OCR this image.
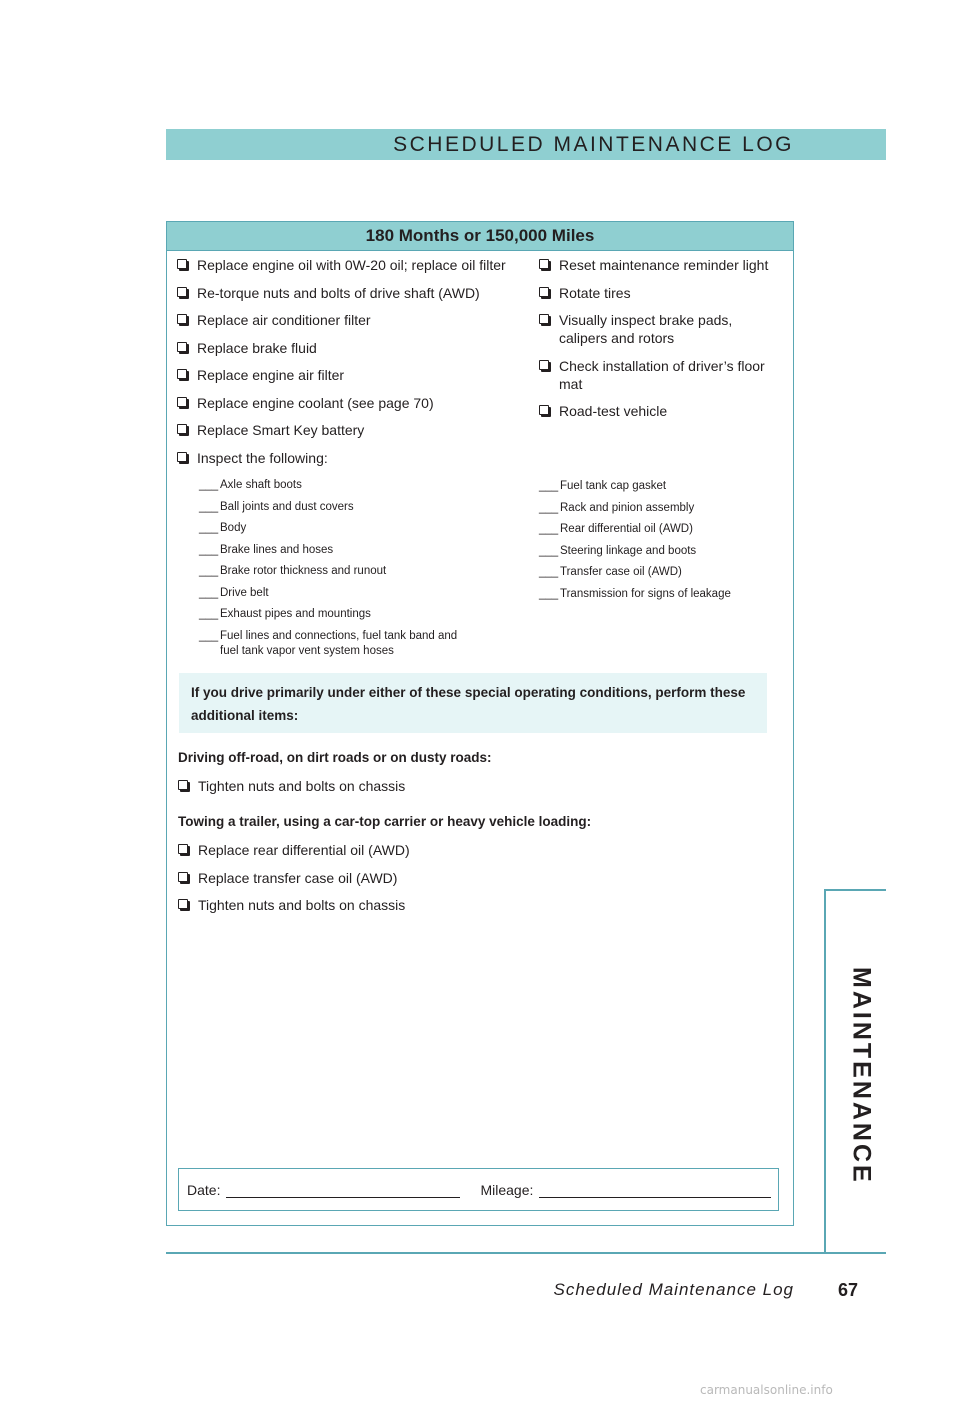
SCHEDULED MAINTENANCE LOG
180 Months or 150,000 Miles
Replace engine oil with 0W-20 oil; replace oil filter
Re-torque nuts and bolts of drive shaft (AWD)
Replace air conditioner filter
Replace brake fluid
Replace engine air filter
Replace engine coolant (see page 70)
Replace Smart Key battery
Inspect the following:
Reset maintenance reminder light
Rotate tires
Visually inspect brake pads, calipers and rotors
Check installation of driver’s floor mat
Road-test vehicle
___ Axle shaft boots
___ Ball joints and dust covers
___ Body
___ Brake lines and hoses
___ Brake rotor thickness and runout
___ Drive belt
___ Exhaust pipes and mountings
___ Fuel lines and connections, fuel tank band and fuel tank vapor vent system hoses
___ Fuel tank cap gasket
___ Rack and pinion assembly
___ Rear differential oil (AWD)
___ Steering linkage and boots
___ Transfer case oil (AWD)
___ Transmission for signs of leakage
If you drive primarily under either of these special operating conditions, perform these additional items:
Driving off-road, on dirt roads or on dusty roads:
Tighten nuts and bolts on chassis
Towing a trailer, using a car-top carrier or heavy vehicle loading:
Replace rear differential oil (AWD)
Replace transfer case oil (AWD)
Tighten nuts and bolts on chassis
Date:	Mileage:
MAINTENANCE
Scheduled Maintenance Log 67
carmanualsonline.info
